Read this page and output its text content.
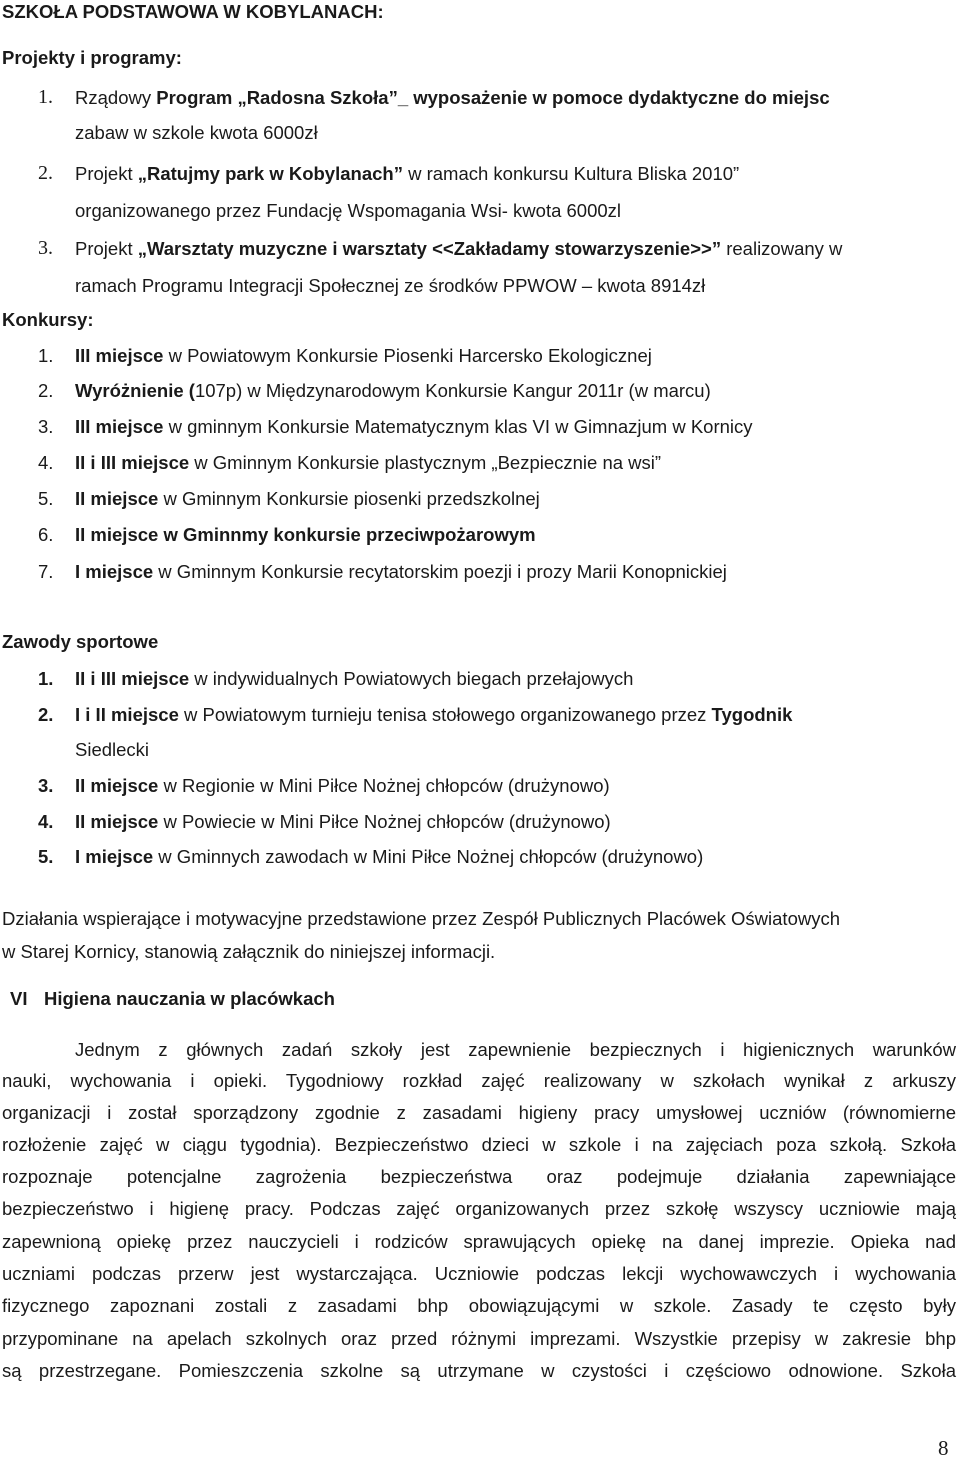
SZKOŁA PODSTAWOWA W KOBYLANACH:
Projekty i programy:
1. Rządowy Program „Radosna Szkoła”_ wyposażenie w pomoce dydaktyczne do miejsc
zabaw w szkole kwota 6000zł
2. Projekt „Ratujmy park w Kobylanach” w ramach konkursu Kultura Bliska 2010”
organizowanego przez Fundację Wspomagania Wsi- kwota 6000zl
3. Projekt „Warsztaty muzyczne i warsztaty <<Zakładamy stowarzyszenie>>” realizowany w
ramach Programu Integracji Społecznej ze środków PPWOW – kwota 8914zł
Konkursy:
1. III miejsce w Powiatowym Konkursie Piosenki Harcersko Ekologicznej
2. Wyróżnienie (107p) w Międzynarodowym Konkursie Kangur 2011r (w marcu)
3. III miejsce w gminnym Konkursie Matematycznym klas VI w Gimnazjum w Kornicy
4. II i III miejsce w Gminnym Konkursie plastycznym „Bezpiecznie na wsi”
5. II miejsce w Gminnym Konkursie piosenki przedszkolnej
6. II miejsce w Gminnmy konkursie przeciwpożarowym
7. I miejsce w Gminnym Konkursie recytatorskim poezji i prozy Marii Konopnickiej
Zawody sportowe
1. II i III miejsce w indywidualnych Powiatowych biegach przełajowych
2. I i II miejsce w Powiatowym turnieju tenisa stołowego organizowanego przez Tygodnik
Siedlecki
3. II miejsce w Regionie w Mini Piłce Nożnej chłopców (drużynowo)
4. II miejsce w Powiecie w Mini Piłce Nożnej chłopców (drużynowo)
5. I miejsce w Gminnych zawodach w Mini Piłce Nożnej chłopców (drużynowo)
Działania wspierające i motywacyjne przedstawione przez Zespół Publicznych Placówek Oświatowych
w Starej Kornicy, stanowią załącznik do niniejszej informacji.
VI Higiena nauczania w placówkach
Jednym z głównych zadań szkoły jest zapewnienie bezpiecznych i higienicznych warunków
nauki, wychowania i opieki. Tygodniowy rozkład zajęć realizowany w szkołach wynikał z arkuszy
organizacji i został sporządzony zgodnie z zasadami higieny pracy umysłowej uczniów (równomierne
rozłożenie zajęć w ciągu tygodnia). Bezpieczeństwo dzieci w szkole i na zajęciach poza szkołą. Szkoła
rozpoznaje potencjalne zagrożenia bezpieczeństwa oraz podejmuje działania zapewniające
bezpieczeństwo i higienę pracy. Podczas zajęć organizowanych przez szkołę wszyscy uczniowie mają
zapewnioną opiekę przez nauczycieli i rodziców sprawujących opiekę na danej imprezie. Opieka nad
uczniami podczas przerw jest wystarczająca. Uczniowie podczas lekcji wychowawczych i wychowania
fizycznego zapoznani zostali z zasadami bhp obowiązującymi w szkole. Zasady te często były
przypominane na apelach szkolnych oraz przed różnymi imprezami. Wszystkie przepisy w zakresie bhp
są przestrzegane. Pomieszczenia szkolne są utrzymane w czystości i częściowo odnowione. Szkoła
8
